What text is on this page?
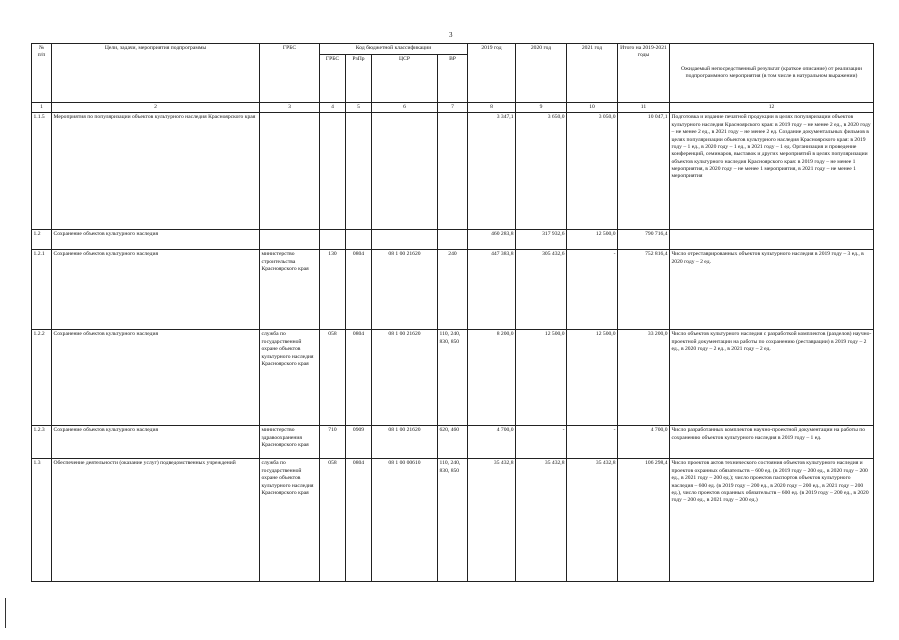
3
№
п/п	Цели, задачи, мероприятия подпрограммы	ГРБС	Код бюджетной классификации				2019 год	2020 год	2021 год	Итого на 2019-2021 годы	Ожидаемый непосредственный результат (краткое описание) от реализации подпрограммного мероприятия (в том числе в натуральном выражении)
			ГРБС	РзПр	ЦСР	ВР					
1	2	3	4	5	6	7	8	9	10	11	12
1.1.5	Мероприятия по популяризации объектов культурного наследия Красноярского края						3 347,1	3 650,0	3 050,0	10 047,1	Подготовка и издание печатной продукции в целях популяризации объектов культурного наследия Красноярского края: в 2019 году – не менее 2 ед., в 2020 году – не менее 2 ед., в 2021 году – не менее 2 ед. Создание документальных фильмов в целях популяризации объектов культурного наследия Красноярского края: в 2019 году – 1 ед., в 2020 году – 1 ед., в 2021 году – 1 ед. Организация и проведение конференций, семинаров, выставок и других мероприятий в целях популяризации объектов культурного наследия Красноярского края: в 2019 году – не менее 1 мероприятия, в 2020 году – не менее 1 мероприятия, в 2021 году – не менее 1 мероприятия
1.2	Сохранение объектов культурного наследия						460 283,8	317 932,6	12 500,0	790 716,4	
1.2.1	Сохранение объектов культурного наследия	министерство строительства Красноярского края	130	0804	08 1 00 21620	240	447 383,8	305 432,6	-	752 816,4	Число отреставрированных объектов культурного наследия в 2019 году – 3 ед., в 2020 году – 2 ед.
1.2.2	Сохранение объектов культурного наследия	служба по государственной охране объектов культурного наследия Красноярского края	058	0804	08 1 00 21620	110, 240, 830, 850	8 200,0	12 500,0	12 500,0	33 200,0	Число объектов культурного наследия с разработкой комплектов (разделов) научно-проектной документации на работы по сохранению (реставрации) в 2019 году – 2 ед., в 2020 году – 2 ед., в 2021 году – 2 ед.
1.2.3	Сохранение объектов культурного наследия	министерство здравоохранения Красноярского края	710	0909	08 1 00 21620	620, 460	4 700,0	-	-	4 700,0	Число разработанных комплектов научно-проектной документации на работы по сохранению объектов культурного наследия в 2019 году – 1 ед.
1.3	Обеспечение деятельности (оказание услуг) подведомственных учреждений	служба по государственной охране объектов культурного наследия Красноярского края	058	0804	08 1 00 00610	110, 240, 830, 850	35 432,8	35 432,8	35 432,8	106 298,4	Число проектов актов технического состояния объектов культурного наследия и проектов охранных обязательств – 600 ед. (в 2019 году – 200 ед., в 2020 году – 200 ед., в 2021 году – 200 ед.); число проектов паспортов объектов культурного наследия – 600 ед. (в 2019 году – 200 ед., в 2020 году – 200 ед., в 2021 году – 200 ед.), число проектов охранных обязательств – 600 ед. (в 2019 году – 200 ед., в 2020 году – 200 ед., в 2021 году – 200 ед.)
